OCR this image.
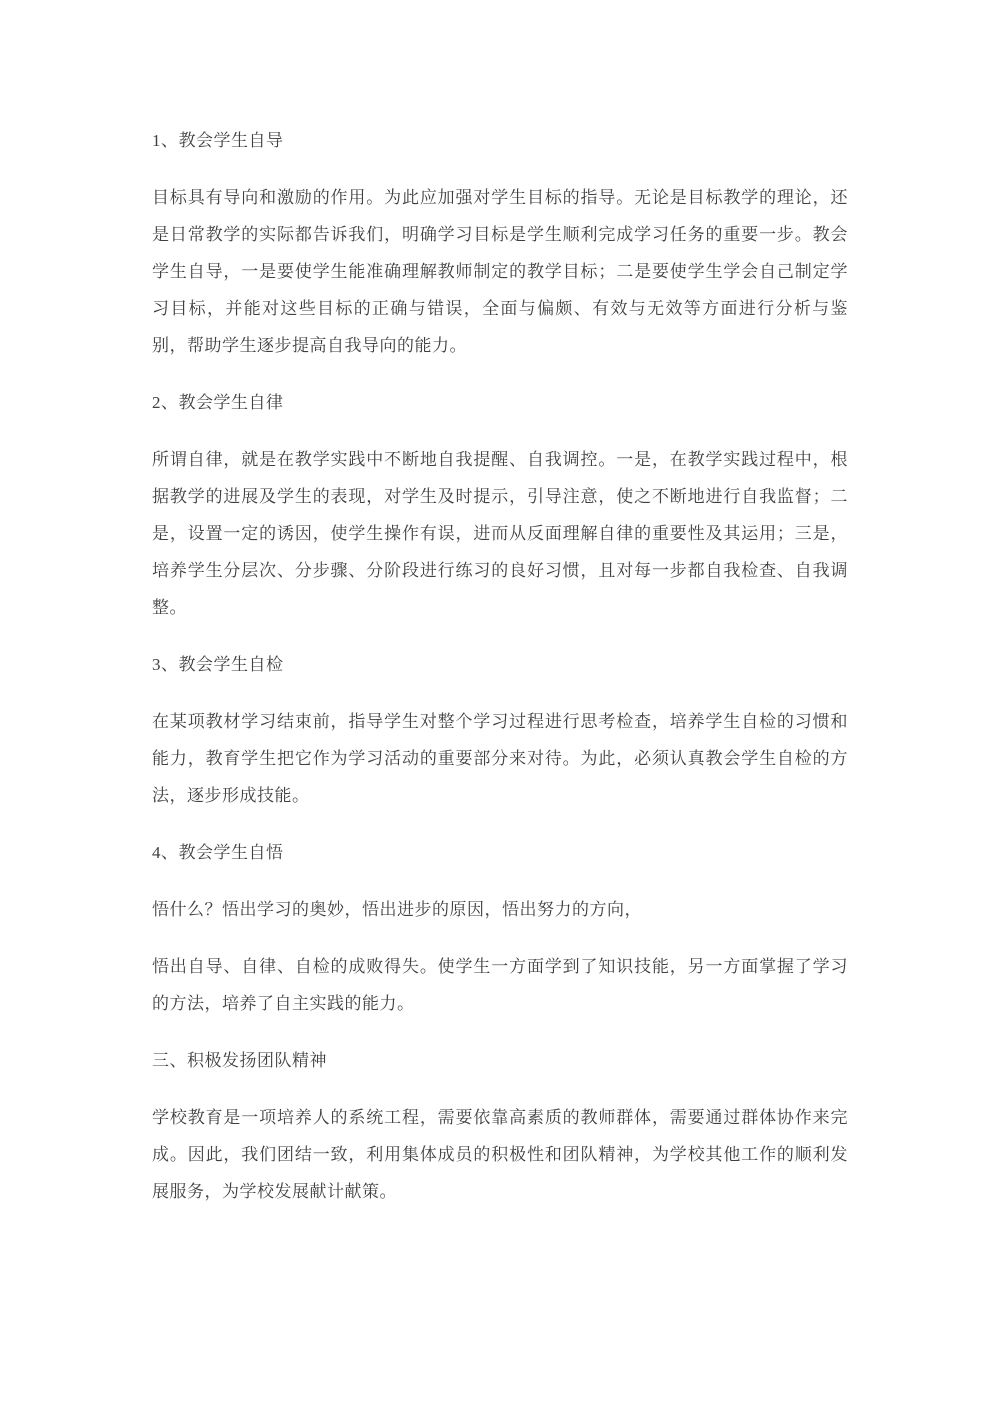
1、教会学生自导

目标具有导向和激励的作用。为此应加强对学生目标的指导。无论是目标教学的理论，还是日常教学的实际都告诉我们，明确学习目标是学生顺利完成学习任务的重要一步。教会学生自导，一是要使学生能准确理解教师制定的教学目标；二是要使学生学会自己制定学习目标，并能对这些目标的正确与错误，全面与偏颇、有效与无效等方面进行分析与鉴别，帮助学生逐步提高自我导向的能力。

2、教会学生自律

所谓自律，就是在教学实践中不断地自我提醒、自我调控。一是，在教学实践过程中，根据教学的进展及学生的表现，对学生及时提示，引导注意，使之不断地进行自我监督；二是，设置一定的诱因，使学生操作有误，进而从反面理解自律的重要性及其运用；三是，培养学生分层次、分步骤、分阶段进行练习的良好习惯，且对每一步都自我检查、自我调整。

3、教会学生自检

在某项教材学习结束前，指导学生对整个学习过程进行思考检查，培养学生自检的习惯和能力，教育学生把它作为学习活动的重要部分来对待。为此，必须认真教会学生自检的方法，逐步形成技能。

4、教会学生自悟

悟什么？悟出学习的奥妙，悟出进步的原因，悟出努力的方向，

悟出自导、自律、自检的成败得失。使学生一方面学到了知识技能，另一方面掌握了学习的方法，培养了自主实践的能力。

三、积极发扬团队精神

学校教育是一项培养人的系统工程，需要依靠高素质的教师群体，需要通过群体协作来完成。因此，我们团结一致，利用集体成员的积极性和团队精神，为学校其他工作的顺利发展服务，为学校发展献计献策。
